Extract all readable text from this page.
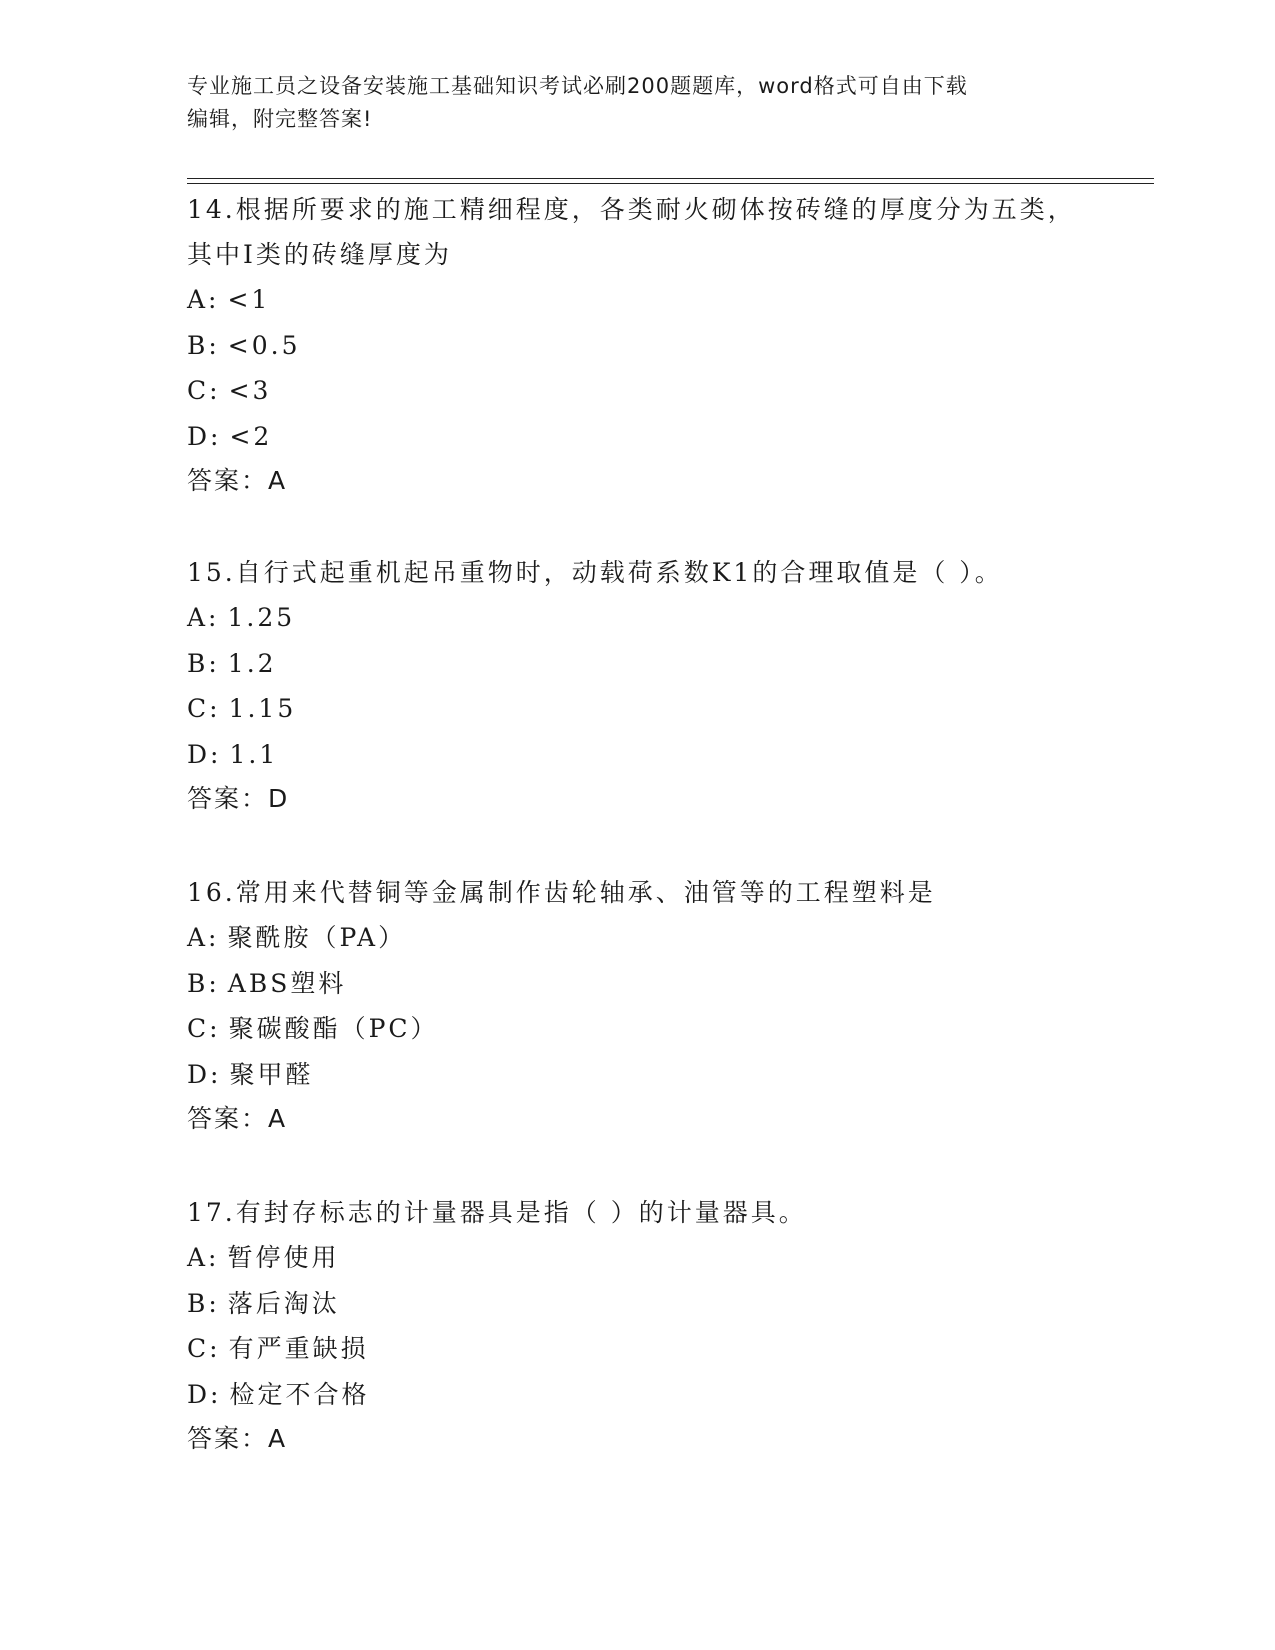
专业施工员之设备安装施工基础知识考试必刷200题题库，word格式可自由下载
编辑，附完整答案!

14.根据所要求的施工精细程度，各类耐火砌体按砖缝的厚度分为五类，其中Ⅰ类的砖缝厚度为

A: <1
B: <0.5
C: <3
D: <2
答案：A

15.自行式起重机起吊重物时，动载荷系数K1的合理取值是（ ）。

A: 1.25
B: 1.2
C: 1.15
D: 1.1
答案：D

16.常用来代替铜等金属制作齿轮轴承、油管等的工程塑料是

A: 聚酰胺（PA）
B: ABS塑料
C: 聚碳酸酯（PC）
D: 聚甲醛
答案：A

17.有封存标志的计量器具是指（ ）的计量器具。

A: 暂停使用
B: 落后淘汰
C: 有严重缺损
D: 检定不合格
答案：A
